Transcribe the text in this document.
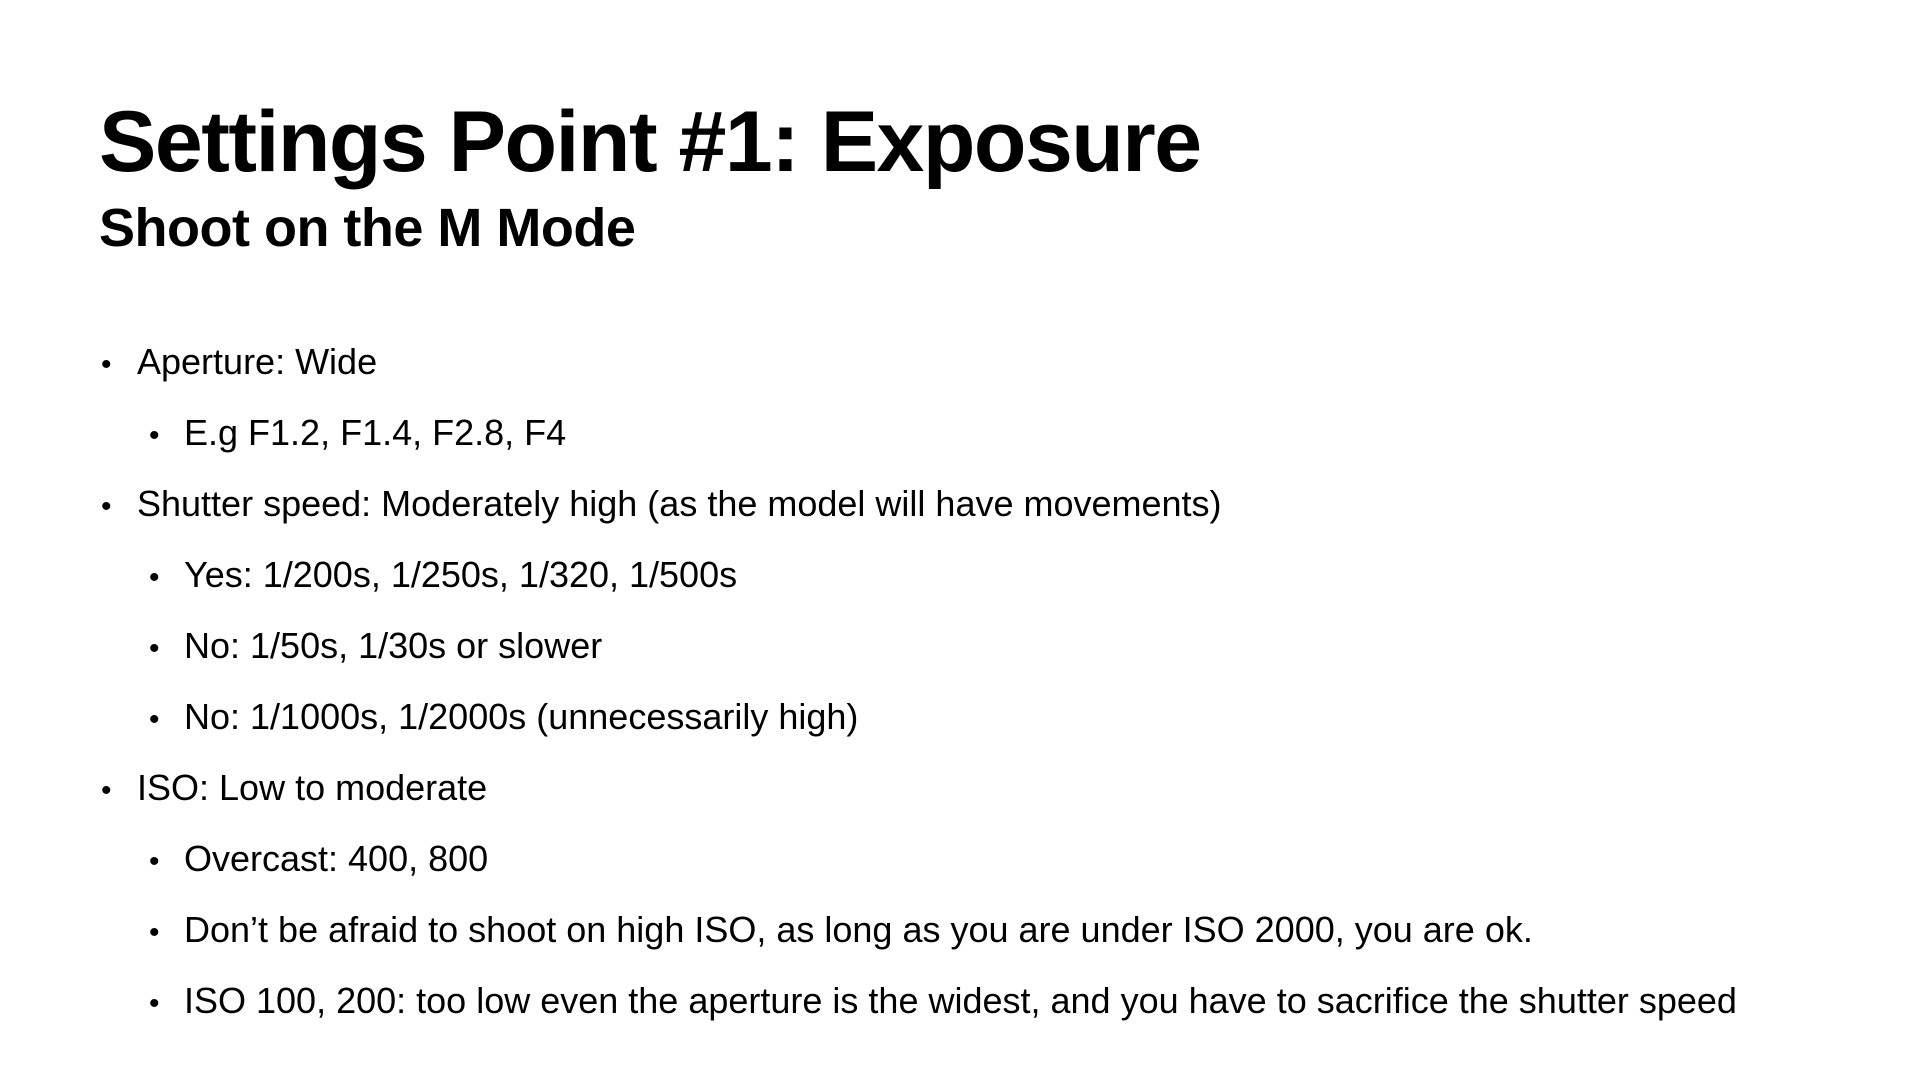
Settings Point #1: Exposure
Shoot on the M Mode
• Aperture: Wide
• E.g F1.2, F1.4, F2.8, F4
• Shutter speed: Moderately high (as the model will have movements)
• Yes: 1/200s, 1/250s, 1/320, 1/500s
• No: 1/50s, 1/30s or slower
• No: 1/1000s, 1/2000s (unnecessarily high)
• ISO: Low to moderate
• Overcast: 400, 800
• Don’t be afraid to shoot on high ISO, as long as you are under ISO 2000, you are ok.
• ISO 100, 200: too low even the aperture is the widest, and you have to sacrifice the shutter speed
